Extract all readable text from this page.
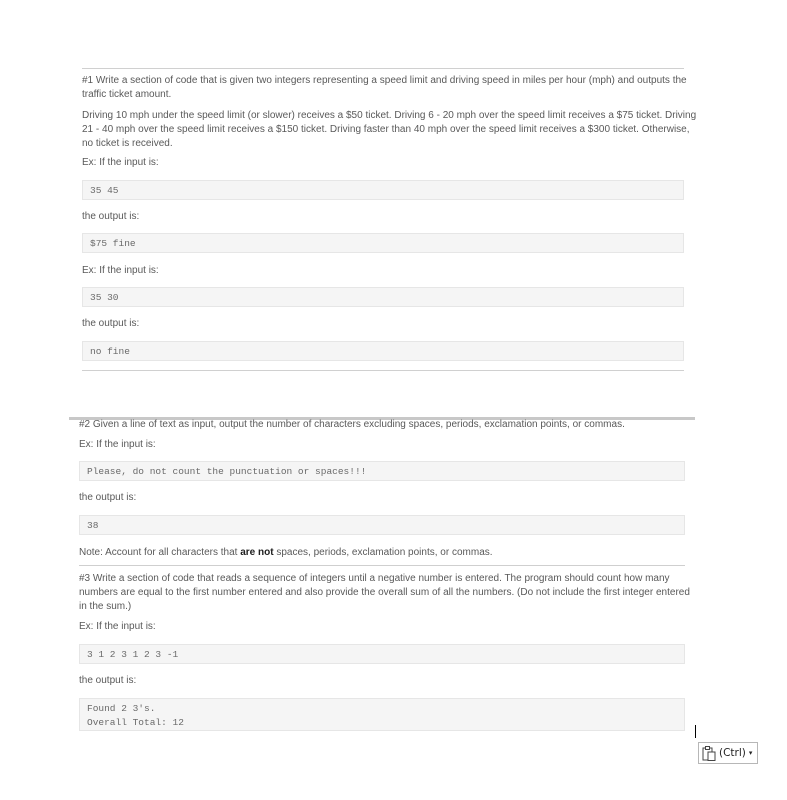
#1 Write a section of code that is given two integers representing a speed limit and driving speed in miles per hour (mph) and outputs the

traffic ticket amount.

Driving 10 mph under the speed limit (or slower) receives a $50 ticket. Driving 6 - 20 mph over the speed limit receives a $75 ticket. Driving

21 - 40 mph over the speed limit receives a $150 ticket. Driving faster than 40 mph over the speed limit receives a $300 ticket. Otherwise,

no ticket is received.

Ex: If the input is:

35 45

the output is:

$75 fine

Ex: If the input is:

35 30

the output is:

no fine

#2 Given a line of text as input, output the number of characters excluding spaces, periods, exclamation points, or commas.

Ex: If the input is:

Please, do not count the punctuation or spaces!!!

the output is:

38

Note: Account for all characters that are not spaces, periods, exclamation points, or commas.

#3 Write a section of code that reads a sequence of integers until a negative number is entered. The program should count how many

numbers are equal to the first number entered and also provide the overall sum of all the numbers. (Do not include the first integer entered

in the sum.)

Ex: If the input is:

3 1 2 3 1 2 3 -1

the output is:

Found 2 3's.
Overall Total: 12
(Ctrl) ▾
